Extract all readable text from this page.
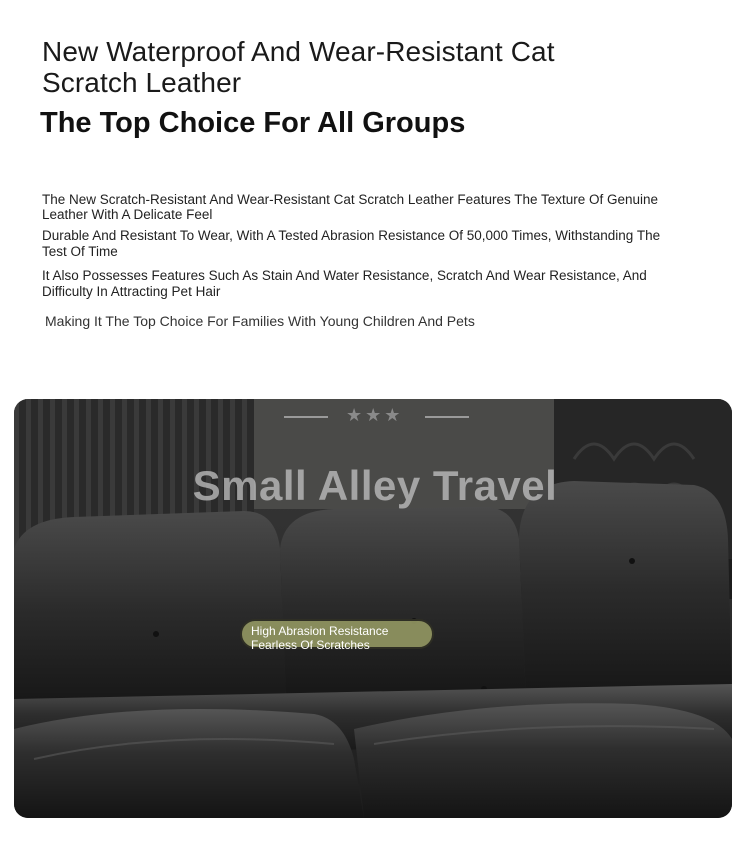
New Waterproof And Wear-Resistant Cat Scratch Leather
The Top Choice For All Groups
The New Scratch-Resistant And Wear-Resistant Cat Scratch Leather Features The Texture Of Genuine Leather With A Delicate Feel
Durable And Resistant To Wear, With A Tested Abrasion Resistance Of 50,000 Times, Withstanding The Test Of Time
It Also Possesses Features Such As Stain And Water Resistance, Scratch And Wear Resistance, And Difficulty In Attracting Pet Hair
Making It The Top Choice For Families With Young Children And Pets
★★★
Small Alley Travel
High Abrasion Resistance
Fearless Of Scratches
